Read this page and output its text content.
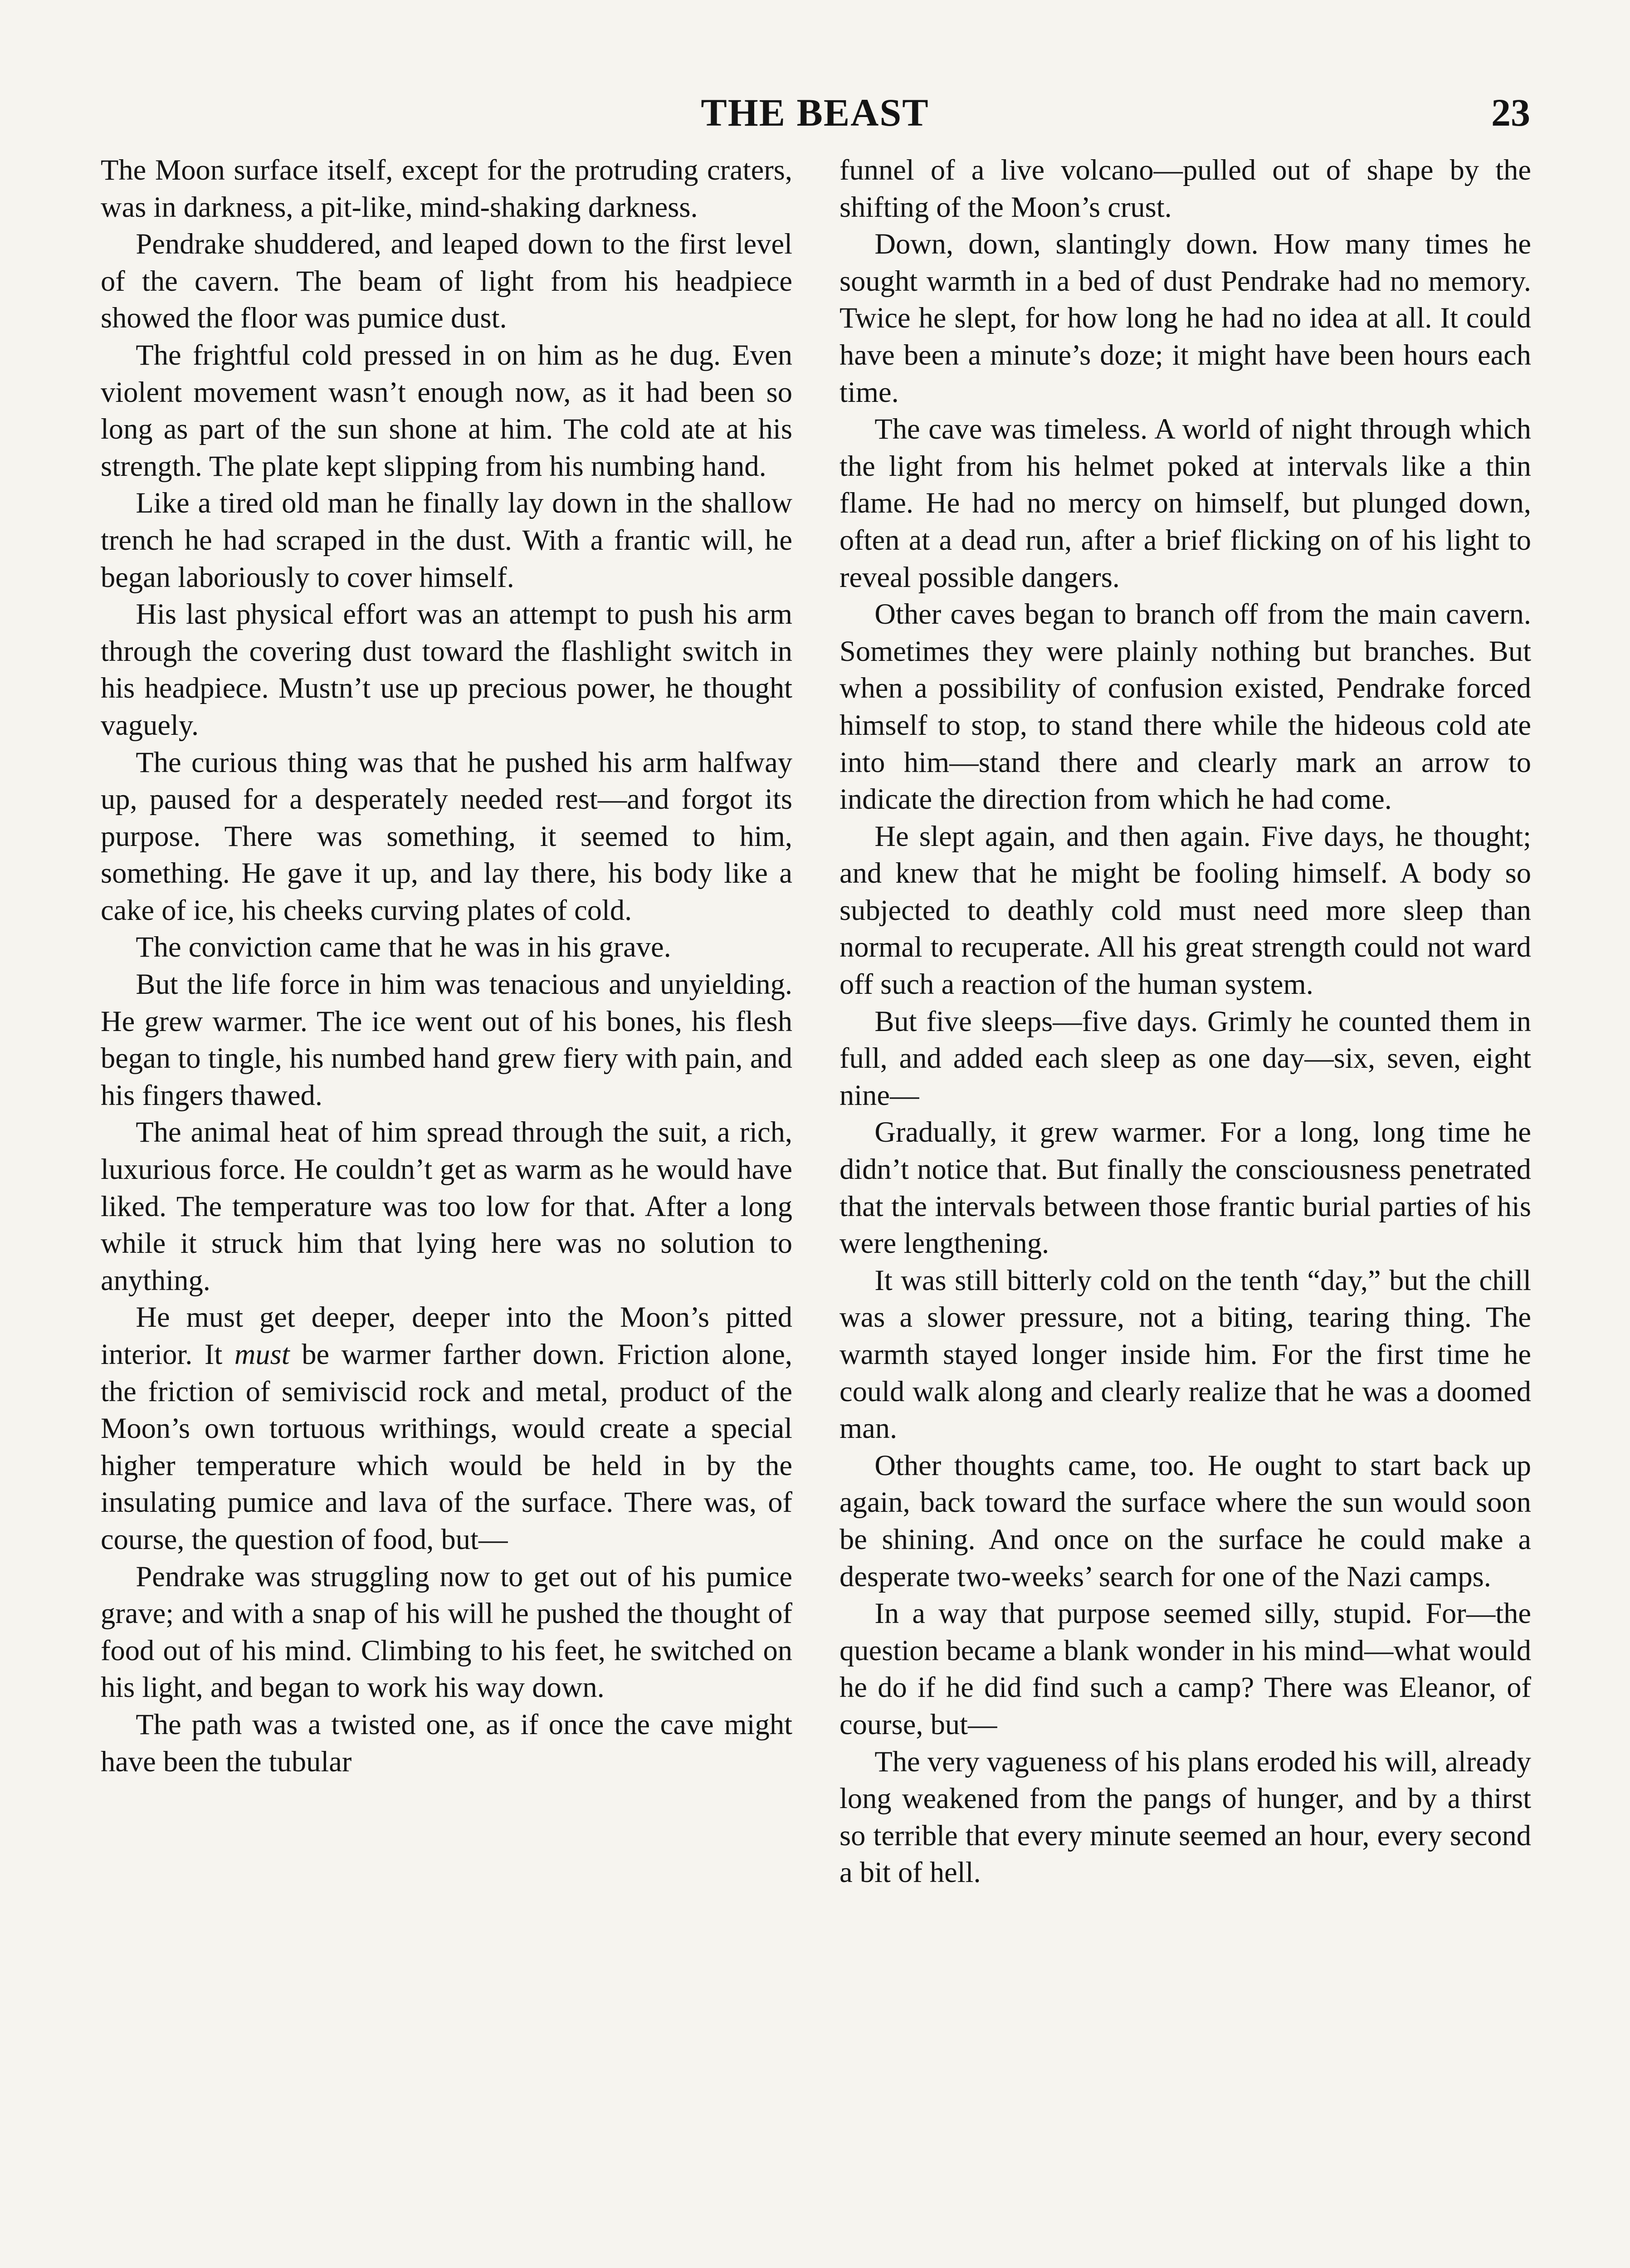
THE BEAST	23

The Moon surface itself, except for the protruding craters, was in darkness, a pit-like, mind-shaking darkness.

Pendrake shuddered, and leaped down to the first level of the cavern. The beam of light from his headpiece showed the floor was pumice dust.

The frightful cold pressed in on him as he dug. Even violent movement wasn’t enough now, as it had been so long as part of the sun shone at him. The cold ate at his strength. The plate kept slipping from his numbing hand.

Like a tired old man he finally lay down in the shallow trench he had scraped in the dust. With a frantic will, he began laboriously to cover himself.

His last physical effort was an attempt to push his arm through the covering dust toward the flashlight switch in his headpiece. Mustn’t use up precious power, he thought vaguely.

The curious thing was that he pushed his arm halfway up, paused for a desperately needed rest—and forgot its purpose. There was something, it seemed to him, something. He gave it up, and lay there, his body like a cake of ice, his cheeks curving plates of cold.

The conviction came that he was in his grave.

But the life force in him was tenacious and unyielding. He grew warmer. The ice went out of his bones, his flesh began to tingle, his numbed hand grew fiery with pain, and his fingers thawed.

The animal heat of him spread through the suit, a rich, luxurious force. He couldn’t get as warm as he would have liked. The temperature was too low for that. After a long while it struck him that lying here was no solution to anything.

He must get deeper, deeper into the Moon’s pitted interior. It must be warmer farther down. Friction alone, the friction of semiviscid rock and metal, product of the Moon’s own tortuous writhings, would create a special higher temperature which would be held in by the insulating pumice and lava of the surface. There was, of course, the question of food, but—

Pendrake was struggling now to get out of his pumice grave; and with a snap of his will he pushed the thought of food out of his mind. Climbing to his feet, he switched on his light, and began to work his way down.

The path was a twisted one, as if once the cave might have been the tubular

funnel of a live volcano—pulled out of shape by the shifting of the Moon’s crust.

Down, down, slantingly down. How many times he sought warmth in a bed of dust Pendrake had no memory. Twice he slept, for how long he had no idea at all. It could have been a minute’s doze; it might have been hours each time.

The cave was timeless. A world of night through which the light from his helmet poked at intervals like a thin flame. He had no mercy on himself, but plunged down, often at a dead run, after a brief flicking on of his light to reveal possible dangers.

Other caves began to branch off from the main cavern. Sometimes they were plainly nothing but branches. But when a possibility of confusion existed, Pendrake forced himself to stop, to stand there while the hideous cold ate into him—stand there and clearly mark an arrow to indicate the direction from which he had come.

He slept again, and then again. Five days, he thought; and knew that he might be fooling himself. A body so subjected to deathly cold must need more sleep than normal to recuperate. All his great strength could not ward off such a reaction of the human system.

But five sleeps—five days. Grimly he counted them in full, and added each sleep as one day—six, seven, eight nine—

Gradually, it grew warmer. For a long, long time he didn’t notice that. But finally the consciousness penetrated that the intervals between those frantic burial parties of his were lengthening.

It was still bitterly cold on the tenth “day,” but the chill was a slower pressure, not a biting, tearing thing. The warmth stayed longer inside him. For the first time he could walk along and clearly realize that he was a doomed man.

Other thoughts came, too. He ought to start back up again, back toward the surface where the sun would soon be shining. And once on the surface he could make a desperate two-weeks’ search for one of the Nazi camps.

In a way that purpose seemed silly, stupid. For—the question became a blank wonder in his mind—what would he do if he did find such a camp? There was Eleanor, of course, but—

The very vagueness of his plans eroded his will, already long weakened from the pangs of hunger, and by a thirst so terrible that every minute seemed an hour, every second a bit of hell.
